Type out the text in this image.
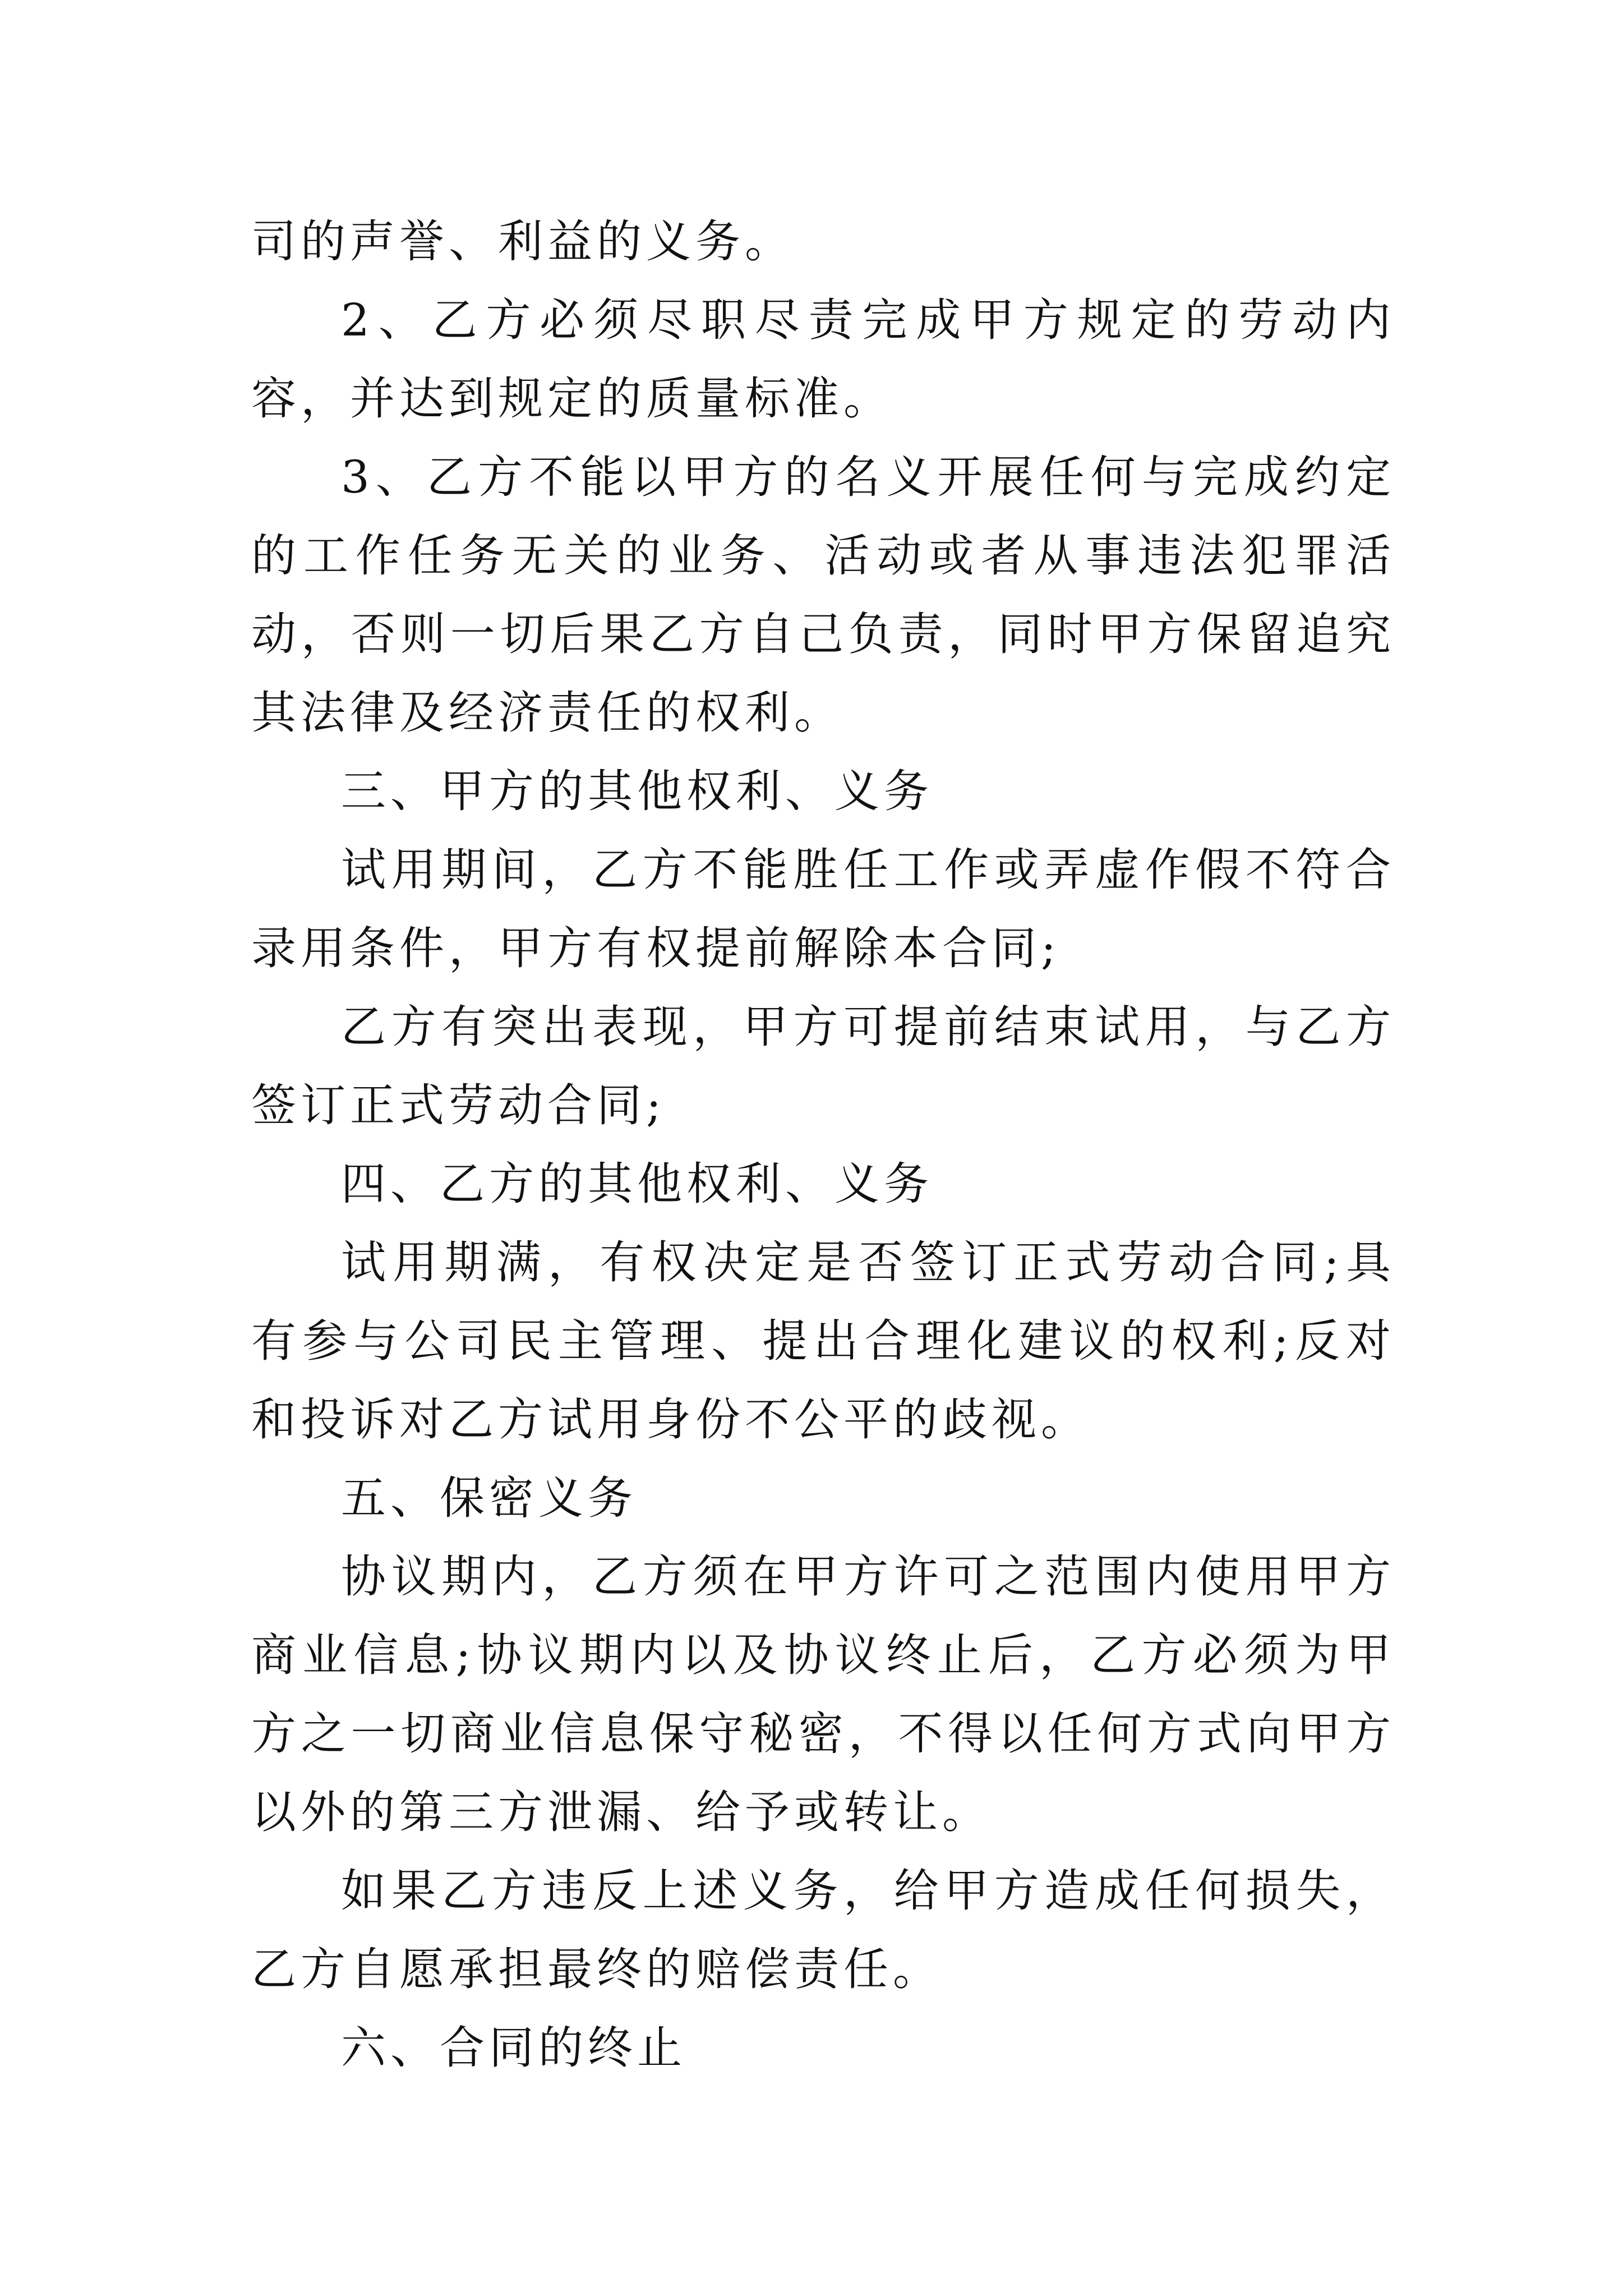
司的声誉、利益的义务。

2、乙方必须尽职尽责完成甲方规定的劳动内容，并达到规定的质量标准。

3、乙方不能以甲方的名义开展任何与完成约定的工作任务无关的业务、活动或者从事违法犯罪活动，否则一切后果乙方自己负责，同时甲方保留追究其法律及经济责任的权利。

三、甲方的其他权利、义务

试用期间，乙方不能胜任工作或弄虚作假不符合录用条件，甲方有权提前解除本合同;

乙方有突出表现，甲方可提前结束试用，与乙方签订正式劳动合同;

四、乙方的其他权利、义务

试用期满，有权决定是否签订正式劳动合同;具有参与公司民主管理、提出合理化建议的权利;反对和投诉对乙方试用身份不公平的歧视。

五、保密义务

协议期内，乙方须在甲方许可之范围内使用甲方商业信息;协议期内以及协议终止后，乙方必须为甲方之一切商业信息保守秘密，不得以任何方式向甲方以外的第三方泄漏、给予或转让。

如果乙方违反上述义务，给甲方造成任何损失，乙方自愿承担最终的赔偿责任。

六、合同的终止
